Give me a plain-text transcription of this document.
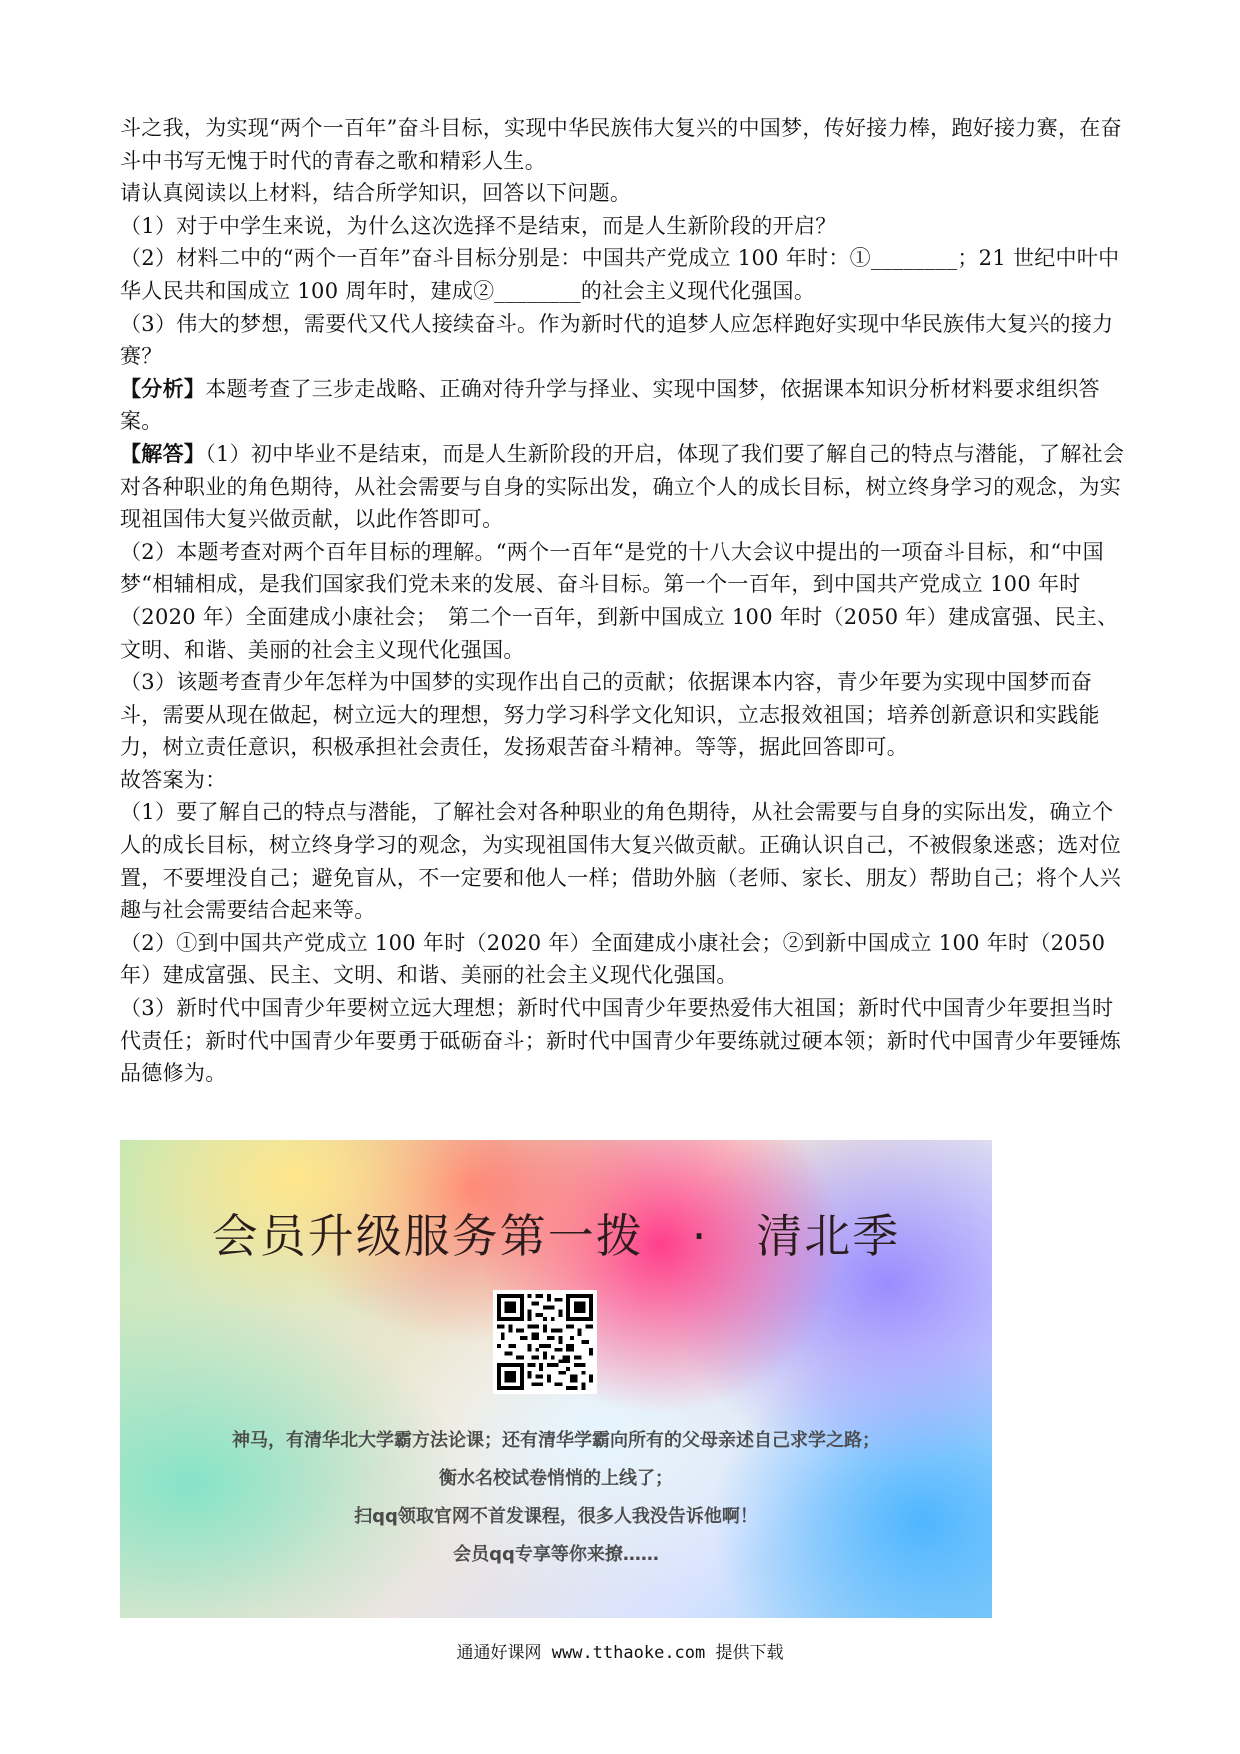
斗之我，为实现“两个一百年”奋斗目标，实现中华民族伟大复兴的中国梦，传好接力棒，跑好接力赛，在奋斗中书写无愧于时代的青春之歌和精彩人生。

请认真阅读以上材料，结合所学知识，回答以下问题。

（1）对于中学生来说，为什么这次选择不是结束，而是人生新阶段的开启？

（2）材料二中的“两个一百年”奋斗目标分别是：中国共产党成立 100 年时：①________；21 世纪中叶中华人民共和国成立 100 周年时，建成②________的社会主义现代化强国。

（3）伟大的梦想，需要代又代人接续奋斗。作为新时代的追梦人应怎样跑好实现中华民族伟大复兴的接力赛？

【分析】本题考查了三步走战略、正确对待升学与择业、实现中国梦，依据课本知识分析材料要求组织答案。

【解答】（1）初中毕业不是结束，而是人生新阶段的开启，体现了我们要了解自己的特点与潜能，了解社会对各种职业的角色期待，从社会需要与自身的实际出发，确立个人的成长目标，树立终身学习的观念，为实现祖国伟大复兴做贡献，以此作答即可。

（2）本题考查对两个百年目标的理解。“两个一百年“是党的十八大会议中提出的一项奋斗目标，和“中国梦“相辅相成，是我们国家我们党未来的发展、奋斗目标。第一个一百年，到中国共产党成立 100 年时（2020 年）全面建成小康社会；　第二个一百年，到新中国成立 100 年时（2050 年）建成富强、民主、文明、和谐、美丽的社会主义现代化强国。

（3）该题考查青少年怎样为中国梦的实现作出自己的贡献；依据课本内容，青少年要为实现中国梦而奋斗，需要从现在做起，树立远大的理想，努力学习科学文化知识，立志报效祖国；培养创新意识和实践能力，树立责任意识，积极承担社会责任，发扬艰苦奋斗精神。等等，据此回答即可。

故答案为：

（1）要了解自己的特点与潜能，了解社会对各种职业的角色期待，从社会需要与自身的实际出发，确立个人的成长目标，树立终身学习的观念，为实现祖国伟大复兴做贡献。正确认识自己，不被假象迷惑；选对位置，不要埋没自己；避免盲从，不一定要和他人一样；借助外脑（老师、家长、朋友）帮助自己；将个人兴趣与社会需要结合起来等。

（2）①到中国共产党成立 100 年时（2020 年）全面建成小康社会；②到新中国成立 100 年时（2050 年）建成富强、民主、文明、和谐、美丽的社会主义现代化强国。

（3）新时代中国青少年要树立远大理想；新时代中国青少年要热爱伟大祖国；新时代中国青少年要担当时代责任；新时代中国青少年要勇于砥砺奋斗；新时代中国青少年要练就过硬本领；新时代中国青少年要锤炼品德修为。

会员升级服务第一拨　·　清北季

神马，有清华北大学霸方法论课；还有清华学霸向所有的父母亲述自己求学之路；

衡水名校试卷悄悄的上线了；

扫qq领取官网不首发课程，很多人我没告诉他啊！

会员qq专享等你来撩……

通通好课网 www.tthaoke.com 提供下载
